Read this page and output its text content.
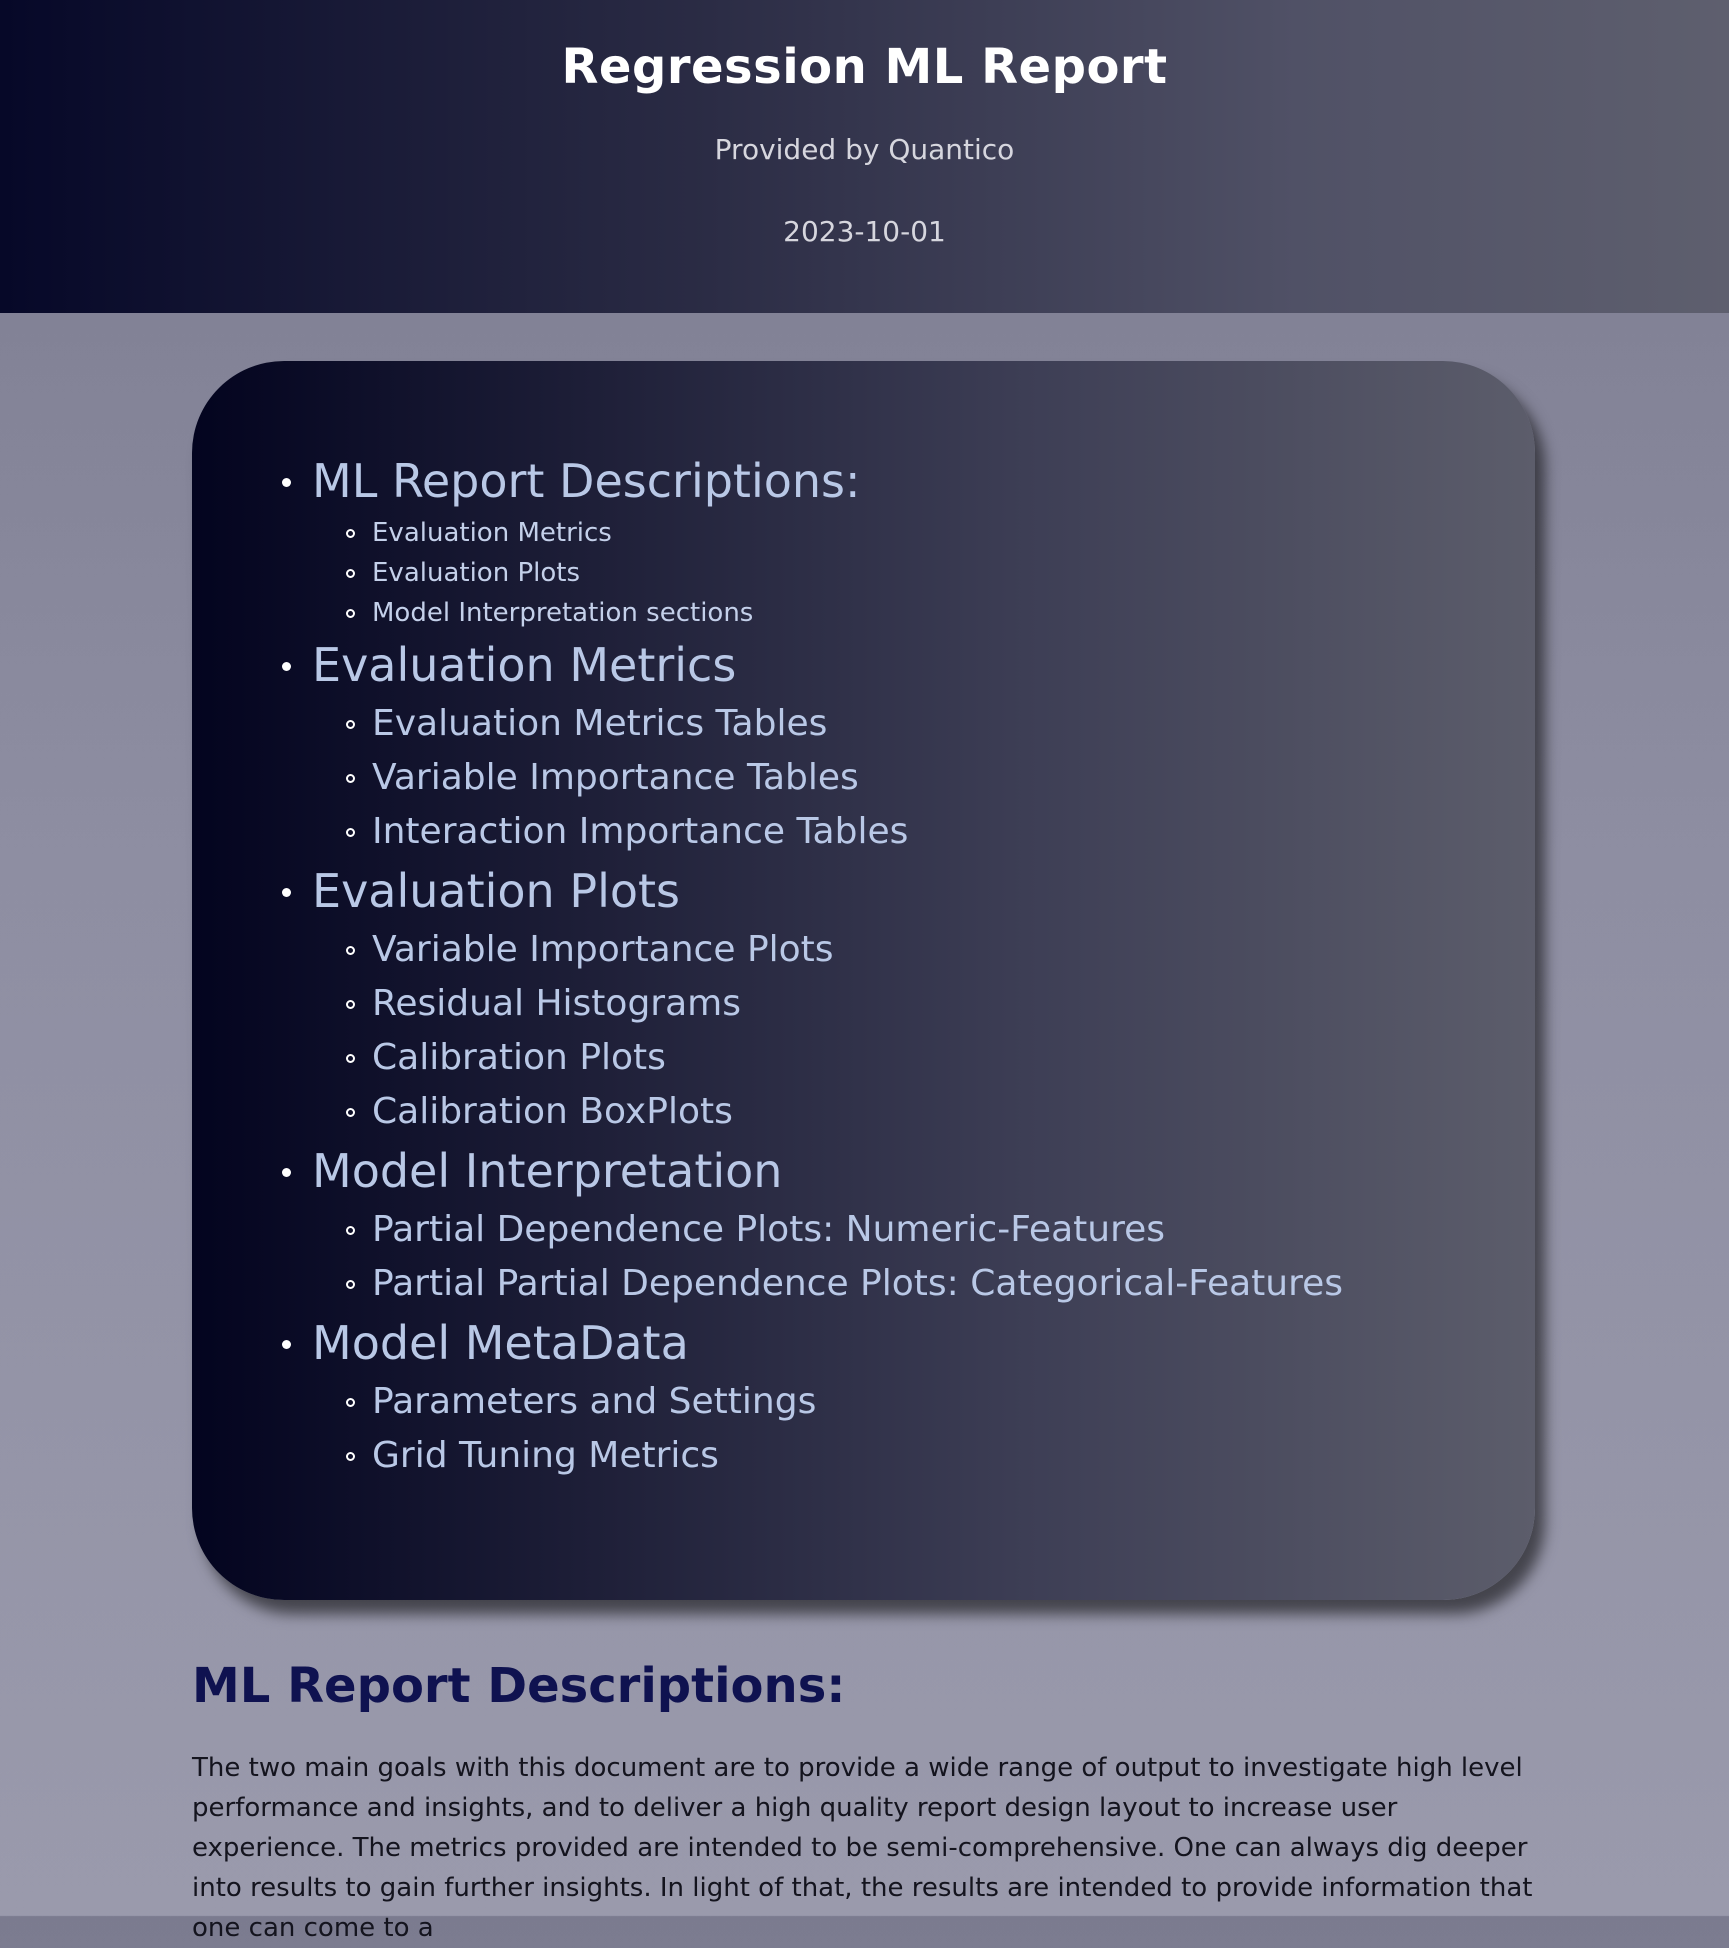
Regression ML Report
Provided by Quantico
2023-10-01
ML Report Descriptions:
Evaluation Metrics
Evaluation Plots
Model Interpretation sections
Evaluation Metrics
Evaluation Metrics Tables
Variable Importance Tables
Interaction Importance Tables
Evaluation Plots
Variable Importance Plots
Residual Histograms
Calibration Plots
Calibration BoxPlots
Model Interpretation
Partial Dependence Plots: Numeric-Features
Partial Partial Dependence Plots: Categorical-Features
Model MetaData
Parameters and Settings
Grid Tuning Metrics
ML Report Descriptions:

The two main goals with this document are to provide a wide range of output to investigate high level performance and insights, and to deliver a high quality report design layout to increase user experience. The metrics provided are intended to be semi-comprehensive. One can always dig deeper into results to gain further insights. In light of that, the results are intended to provide information that one can come to a
